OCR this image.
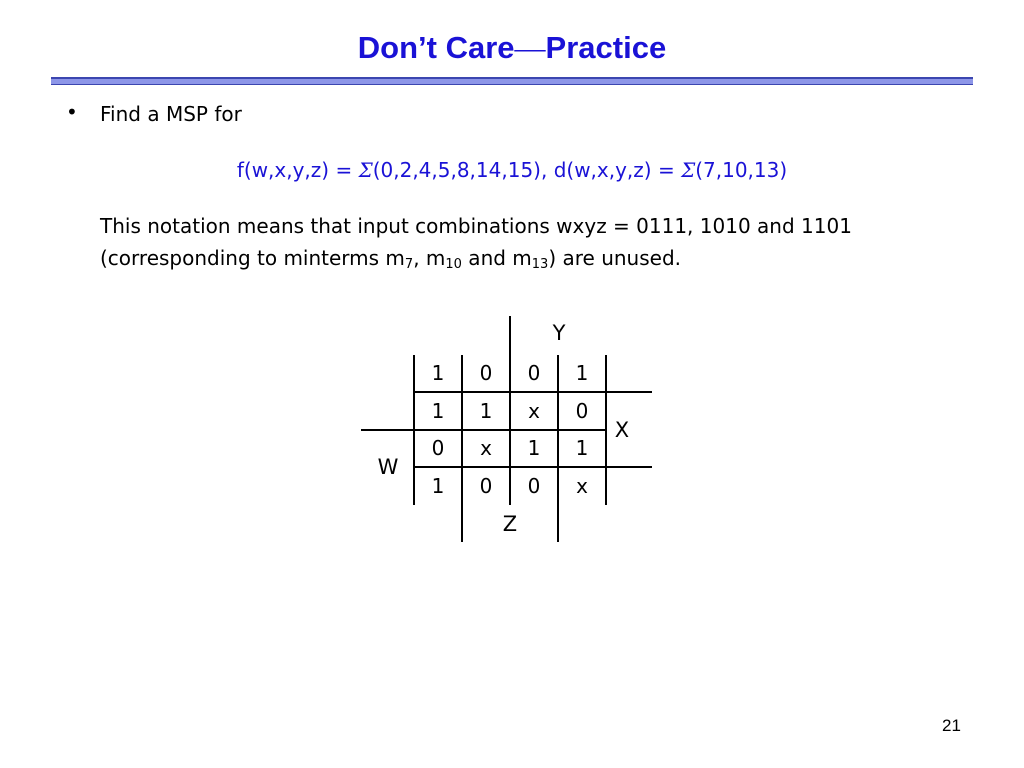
Don’t Care—Practice
• Find a MSP for
f(w,x,y,z) = Σ(0,2,4,5,8,14,15), d(w,x,y,z) = Σ(7,10,13)
This notation means that input combinations wxyz = 0111, 1010 and 1101
(corresponding to minterms $m_7$, $m_{10}$ and $m_{13}$) are unused.
Y
X
W
Z
1	0	0	1
1	1	x	0
0	x	1	1
1	0	0	x
21
